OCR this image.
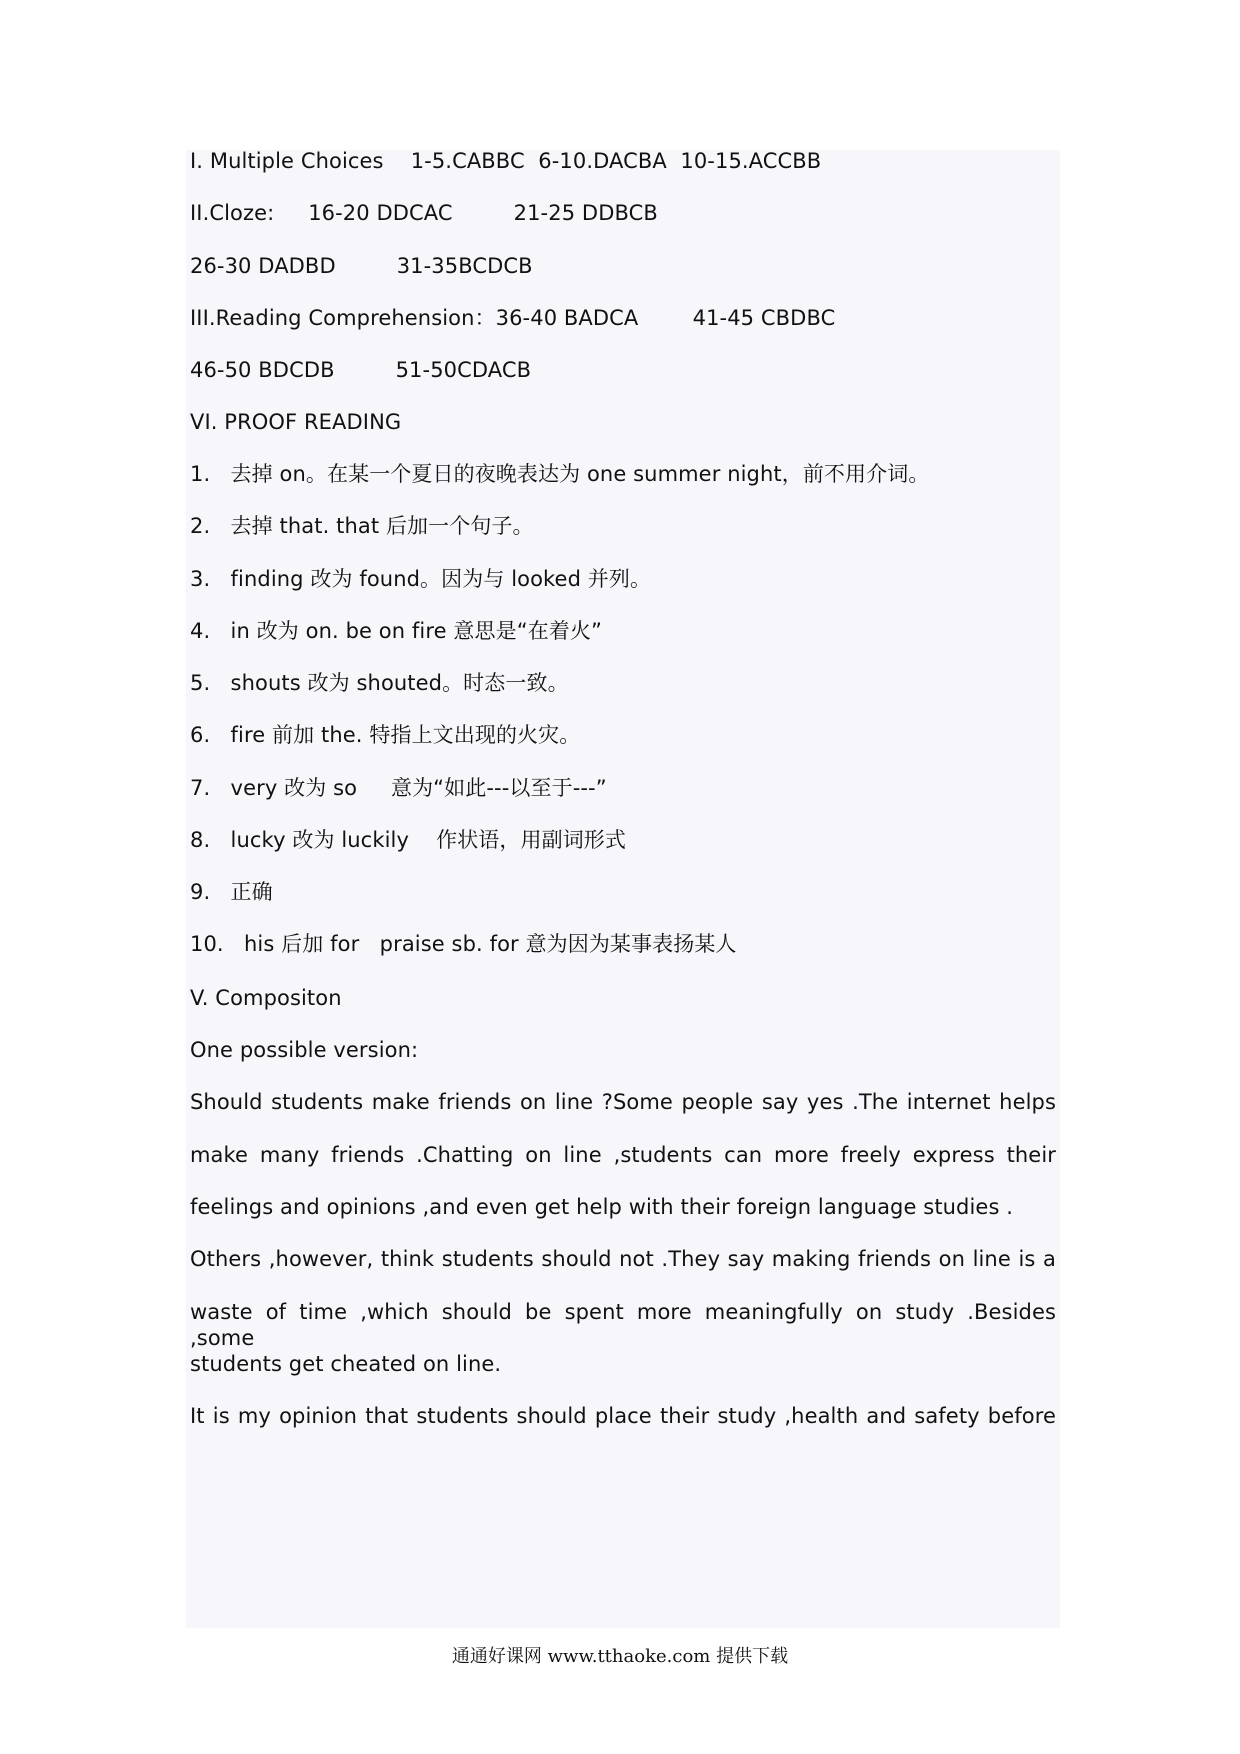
I. Multiple Choices    1-5.CABBC  6-10.DACBA  10-15.ACCBB
II.Cloze:     16-20 DDCAC         21-25 DDBCB
26-30 DADBD         31-35BCDCB
III.Reading Comprehension：36-40 BADCA        41-45 CBDBC
46-50 BDCDB         51-50CDACB
VI. PROOF READING
1.   去掉 on。在某一个夏日的夜晚表达为 one summer night，前不用介词。
2.   去掉 that. that 后加一个句子。
3.   finding 改为 found。因为与 looked 并列。
4.   in 改为 on. be on fire 意思是“在着火”
5.   shouts 改为 shouted。时态一致。
6.   fire 前加 the. 特指上文出现的火灾。
7.   very 改为 so     意为“如此---以至于---”
8.   lucky 改为 luckily    作状语，用副词形式
9.   正确
10.   his 后加 for   praise sb. for 意为因为某事表扬某人
V. Compositon
One possible version:
Should students make friends on line ?Some people say yes .The internet helps
make many friends .Chatting on line ,students can more freely express their
feelings and opinions ,and even get help with their foreign language studies .
Others ,however, think students should not .They say making friends on line is a
waste of time ,which should be spent more meaningfully on study .Besides ,some
students get cheated on line.
It is my opinion that students should place their study ,health and safety before
通通好课网 www.tthaoke.com 提供下载
